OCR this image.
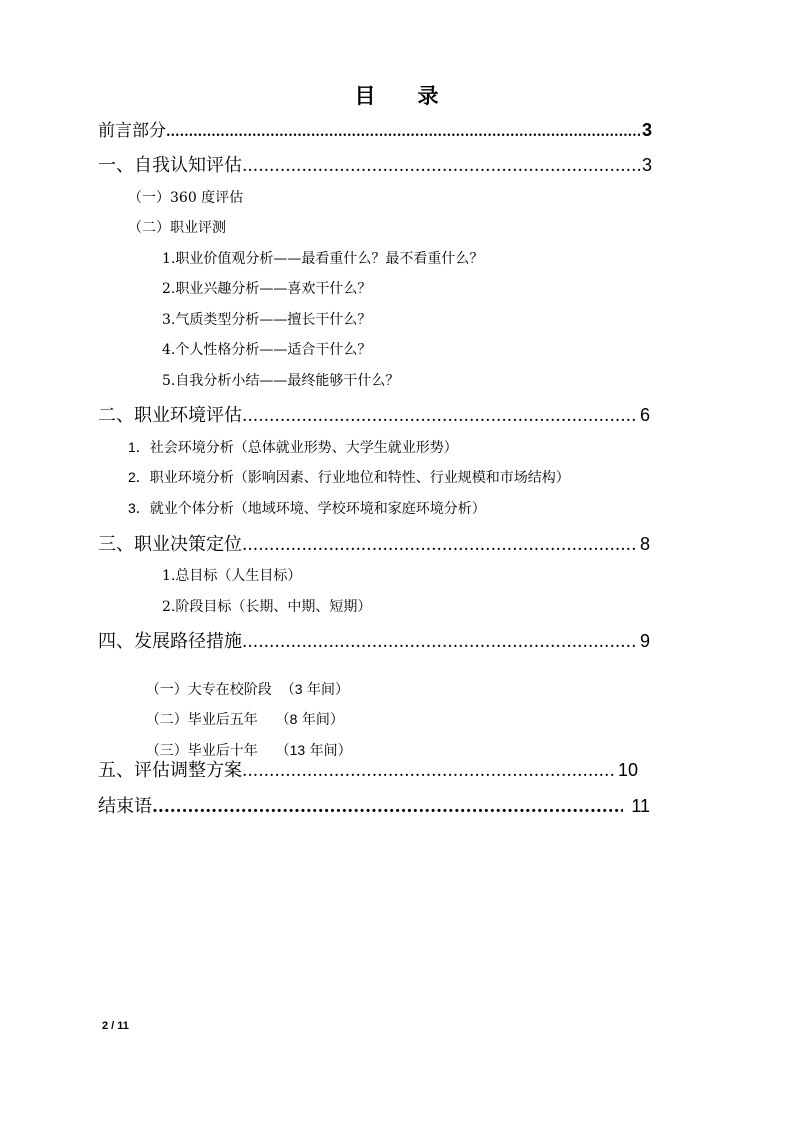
目 录
前言部分 .....	3
一、自我认知评估 .....	3
（一）360 度评估
（二）职业评测
1.职业价值观分析——最看重什么？最不看重什么？
2.职业兴趣分析——喜欢干什么？
3.气质类型分析——擅长干什么？
4.个人性格分析——适合干什么？
5.自我分析小结——最终能够干什么？
二、职业环境评估 .....	6
1．社会环境分析（总体就业形势、大学生就业形势）
2．职业环境分析（影响因素、行业地位和特性、行业规模和市场结构）
3．就业个体分析（地域环境、学校环境和家庭环境分析）
三、职业决策定位 .....	8
1.总目标（人生目标）
2.阶段目标（长期、中期、短期）
四、发展路径措施 .....	9

（一）大专在校阶段  （3 年间）

（二）毕业后五年    （8 年间）

（三）毕业后十年    （13 年间）

五、评估调整方案 .....	10
结束语 .....	11
2 / 11
